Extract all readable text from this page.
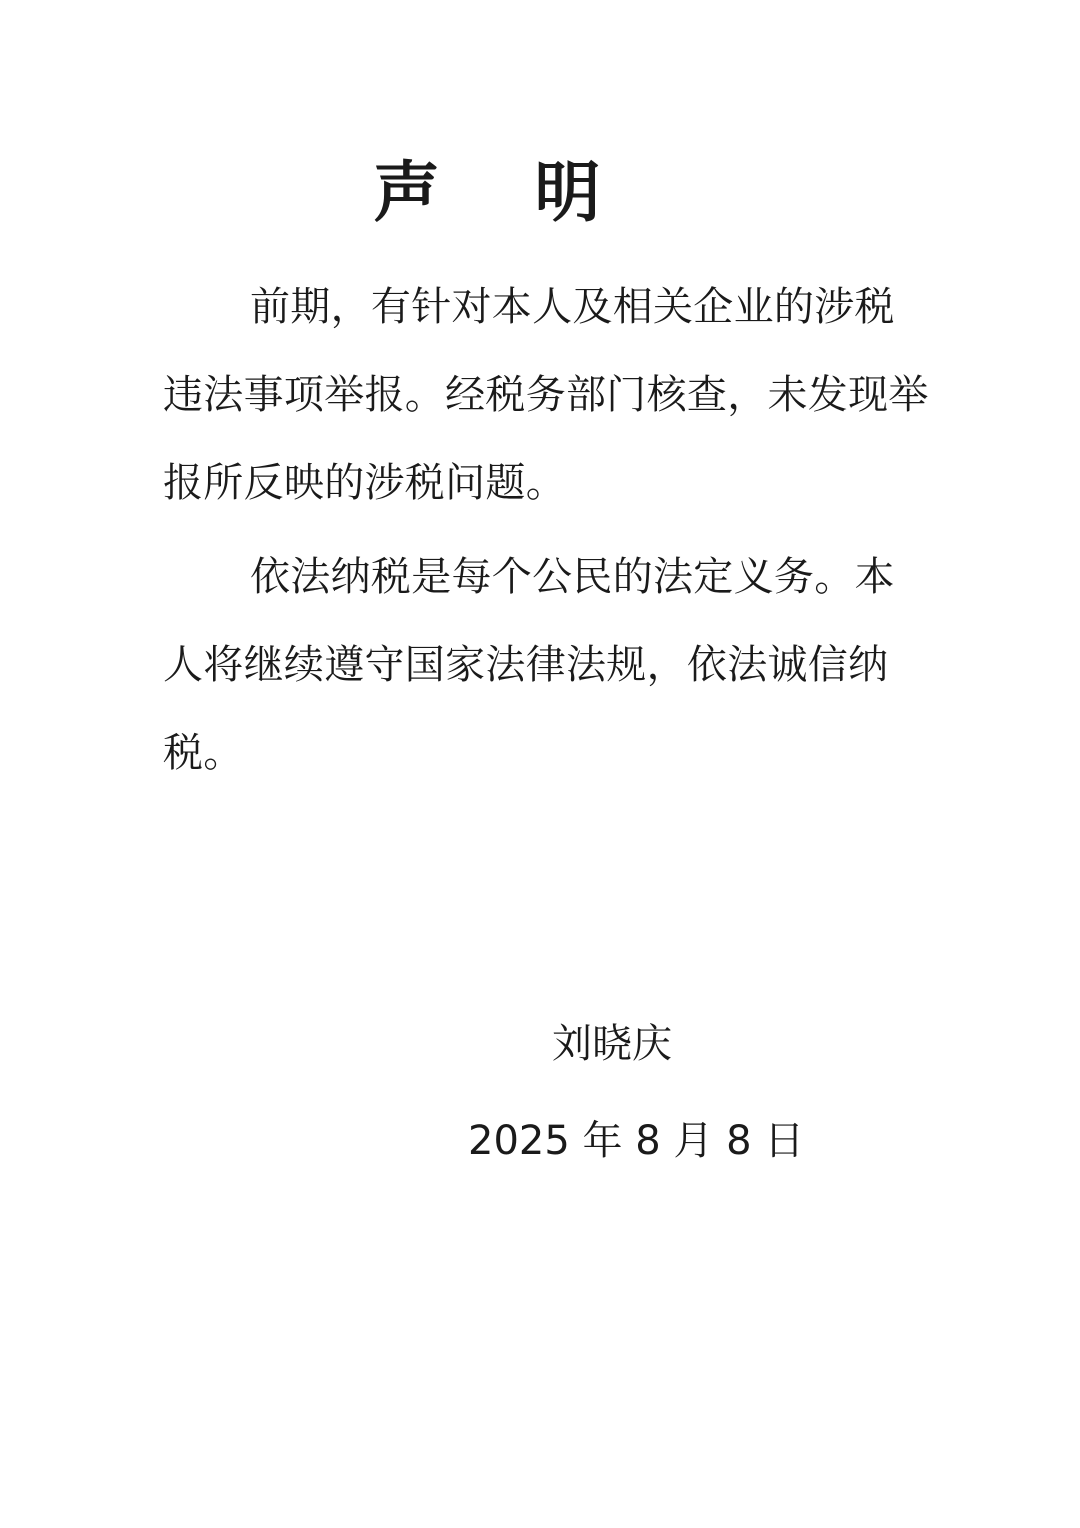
声 明

前期，有针对本人及相关企业的涉税违法事项举报。经税务部门核查，未发现举报所反映的涉税问题。

依法纳税是每个公民的法定义务。本人将继续遵守国家法律法规，依法诚信纳税。

刘晓庆
2025 年 8 月 8 日
